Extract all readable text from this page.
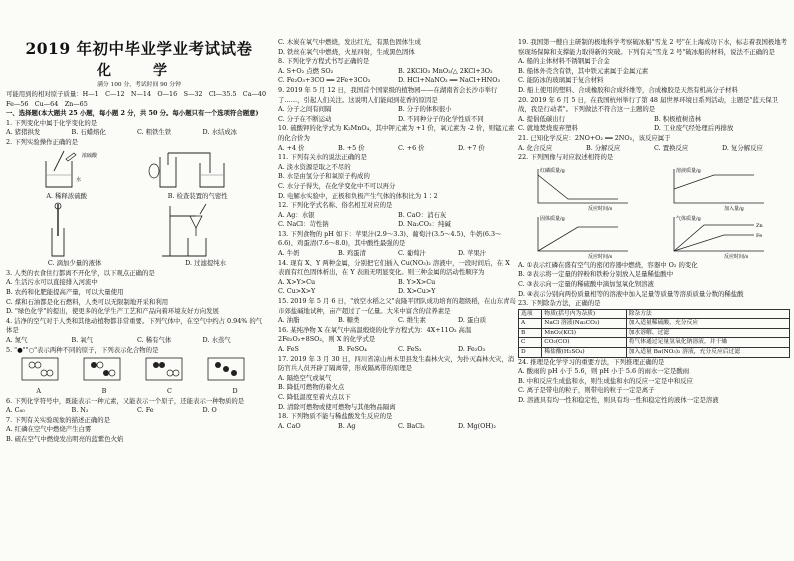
2019 年初中毕业学业考试试卷
化　学
满分 100 分，考试时间 90 分钟

可能用到的相对原子质量：H—1　C—12　N—14　O—16　S—32　Cl—35.5　Ca—40　Fe—56　Cu—64　Zn—65

一、选择题(本大题共 25 小题，每小题 2 分，共 50 分。每小题只有一个选项符合题意)

1. 下列变化中属于化学变化的是

A. 猪猪拱发	B. 石蜡熔化	C. 粗铁生铁	D. 水结成冰

2. 下列实验操作正确的是

浓硫酸
水
A. 稀释浓硫酸	B. 检查装置的气密性
C. 滴加少量的液体	D. 过滤提纯水

3. 人类的衣食住行都离不开化学，以下观点正确的是

A. 生活污水可以直接排入河流中

B. 农药和化肥能提高产量，可以大量使用

C. 煤和石油都是化石燃料，人类可以无限制地开采和利用

D. "绿色化学"的提出，使更多的化学生产工艺和产品向着环境友好方向发展

4. 洁净的空气对于人类和其他动植物都非常重要。下列气体中，在空气中约占 0.94% 的气体是

A. 氮气	B. 氧气	C. 稀有气体	D. 水蒸气

5. "●""○"表示两种不同的原子，下列表示化合物的是

A	B	C	D

6. 下列化学符号中，既能表示一种元素，又能表示一个原子，还能表示一种物质的是

A. C₆₀	B. N₂	C. Fe	D. O

7. 下列有关实验现象的描述正确的是

A. 红磷在空气中燃烧产生白雾

B. 硫在空气中燃烧发出明亮的蓝紫色火焰

C. 木炭在氧气中燃烧，发出红光，有黑色固体生成

D. 铁丝在氧气中燃烧，火星四射，生成黑色固体

8. 下列化学方程式书写正确的是

A. S+O₂ 点燃 SO₂	B. 2KClO₃ MnO₂/△ 2KCl+3O₂
C. Fe₂O₃+3CO ══ 2Fe+3CO₂	D. HCl+NaNO₃ ══ NaCl+HNO₃

9. 2019 年 5 月 12 日，我国首个国家级的植物园——在湖南省会长沙市举行了……，引起人们关注。这说明人们能闻到花香的原因是

A. 分子之间有间隔	B. 分子的体积很小
C. 分子在不断运动	D. 不同种分子的化学性质不同

10. 硫酸钾的化学式为 K₂MnO₄，其中钾元素为 +1 价，氧元素为 -2 价，则锰元素的化合价为

A. +4 价	B. +5 价	C. +6 价	D. +7 价

11. 下列有关水的说法正确的是

A. 淡水资源是取之不尽的

B. 水是由氢分子和氧原子构成的

C. 水分子得失，在化学变化中不可以再分

D. 电解水实验中，正极和负极产生气体的体积比为 1∶2

12. 下列化学式名称、俗名相互对应的是

A. Ag：水银	B. CaO：消石灰
C. NaCl：苛性钠	D. Na₂CO₃：纯碱

13. 下列食物的 pH 如下：苹果汁(2.9～3.3)、葡萄汁(3.5～4.5)、牛奶(6.3～6.6)、鸡蛋清(7.6～8.0)，其中酸性最强的是

A. 牛奶	B. 鸡蛋清	C. 葡萄汁	D. 苹果汁

14. 现有 X、Y 两种金属，分别把它们插入 Cu(NO₃)₂ 溶液中，一段时间后，在 X 表面有红色固体析出，在 Y 表面无明显变化。则三种金属的活动性顺序为

A. X>Y>Cu	B. Y>X>Cu
C. Cu>X>Y	D. X>Cu>Y

15. 2019 年 5 月 6 日，"放空水稻之父"袁隆平团队成功培育的超级稻，在山东青岛市郊盐碱地试种，亩产超过了一亿量。大米中富含的营养素是

A. 油脂	B. 糖类	C. 维生素	D. 蛋白质

16. 某纯净物 X 在氧气中高温煅烧的化学方程式为：4X+11O₂ 高温 2Fe₂O₃+8SO₂，则 X 的化学式是

A. FeS	B. FeSO₄	C. FeS₂	D. Fe₂O₃

17. 2019 年 3 月 30 日，四川省凉山州木里县发生森林火灾，为扑灭森林火灾，消防官兵人员开辟了隔离带，形成隔离带的原理是

A. 隔绝空气或氧气

B. 降低可燃物的着火点

C. 降低温度至着火点以下

D. 清除可燃物或使可燃物与其他物品隔离

18. 下列物质不能与稀盐酸发生反应的是

A. CaO	B. Ag	C. BaCl₂	D. Mg(OH)₂

19. 我国第一艘自主研制的极地科学考察破冰船"雪龙 2 号"在上海成功下水，标志着我国极地考察现场保障和支撑能力取得新的突破。下列有关"雪龙 2 号"破冰船的材料，说法不正确的是

A. 船的主体材料不锈钢属于合金

B. 船体外壳含有铁，其中铁元素属于金属元素

C. 能防冰的玻璃属于复合材料

D. 船上使用的塑料、合成橡胶和合成纤维等，合成橡胶是天然有机高分子材料

20. 2019 年 6 月 5 日，在我国杭州举行了第 48 届世界环境日系列活动，主题是"蓝天保卫战，我是行动者"。下列做法不符合这一主题的是

A. 提倡低碳出行	B. 积极植树造林
C. 就地焚烧废弃塑料	D. 工业废气经处理后再排放

21. 已知化学反应：2NO+O₂ ══ 2NO₂，该反应属于

A. 化合反应	B. 分解反应	C. 置换反应	D. 复分解反应

22. 下列图像与对应叙述相符的是

红磷质量/g
反应时间/s
溶液质量/g
加入量/g
固体质量/g
反应时间/s
Zn
Fe
气体质量/g
反应时间/s

A. ①表示红磷在盛有空气的密闭容器中燃烧，容器中 O₂ 的变化

B. ②表示将一定量的锌粉和铁粉分别放入足量稀盐酸中

C. ③表示向一定量的稀硫酸中滴加氢氧化钡溶液

D. ④表示分别向两份质量相等的溶液中加入足量等质量等溶质质量分数的稀盐酸

23. 下列除杂方法，正确的是

选项	物质(括号内为杂质)	除杂方法
A	NaCl 溶液(Na₂CO₃)	加入适量稀硫酸，充分反应
B	MnO₂(KCl)	加水溶解、过滤
C	CO₂(CO)	将气体通过足量氢氧化钠溶液，并干燥
D	稀盐酸(H₂SO₄)	加入适量 Ba(NO₃)₂ 溶液，充分反应后过滤

24. 推理是化学学习的重要方法，下列推理正确的是

A. 酸雨的 pH 小于 5.6，则 pH 小于 5.6 的雨水一定是酸雨

B. 中和反应生成盐和水，则生成盐和水的反应一定是中和反应

C. 离子是带电的粒子，则带电的粒子一定是离子

D. 溶液具有均一性和稳定性，则具有均一性和稳定性的液体一定是溶液
